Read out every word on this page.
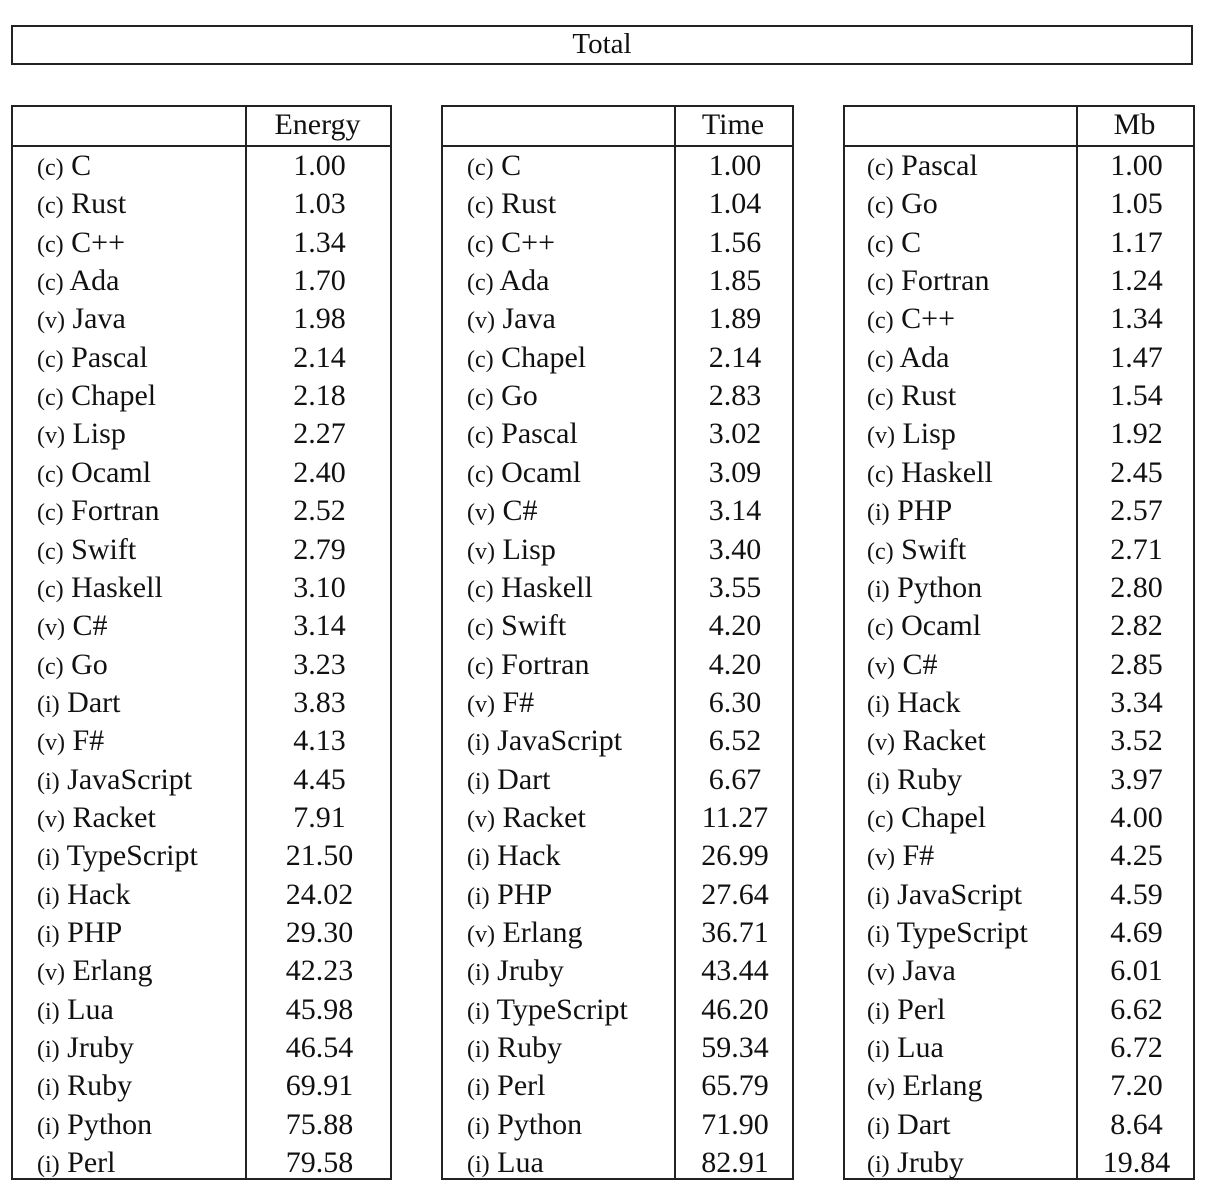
Total
Energy
(c) C	1.00
(c) Rust	1.03
(c) C++	1.34
(c) Ada	1.70
(v) Java	1.98
(c) Pascal	2.14
(c) Chapel	2.18
(v) Lisp	2.27
(c) Ocaml	2.40
(c) Fortran	2.52
(c) Swift	2.79
(c) Haskell	3.10
(v) C#	3.14
(c) Go	3.23
(i) Dart	3.83
(v) F#	4.13
(i) JavaScript	4.45
(v) Racket	7.91
(i) TypeScript	21.50
(i) Hack	24.02
(i) PHP	29.30
(v) Erlang	42.23
(i) Lua	45.98
(i) Jruby	46.54
(i) Ruby	69.91
(i) Python	75.88
(i) Perl	79.58
Time
(c) C	1.00
(c) Rust	1.04
(c) C++	1.56
(c) Ada	1.85
(v) Java	1.89
(c) Chapel	2.14
(c) Go	2.83
(c) Pascal	3.02
(c) Ocaml	3.09
(v) C#	3.14
(v) Lisp	3.40
(c) Haskell	3.55
(c) Swift	4.20
(c) Fortran	4.20
(v) F#	6.30
(i) JavaScript	6.52
(i) Dart	6.67
(v) Racket	11.27
(i) Hack	26.99
(i) PHP	27.64
(v) Erlang	36.71
(i) Jruby	43.44
(i) TypeScript	46.20
(i) Ruby	59.34
(i) Perl	65.79
(i) Python	71.90
(i) Lua	82.91
Mb
(c) Pascal	1.00
(c) Go	1.05
(c) C	1.17
(c) Fortran	1.24
(c) C++	1.34
(c) Ada	1.47
(c) Rust	1.54
(v) Lisp	1.92
(c) Haskell	2.45
(i) PHP	2.57
(c) Swift	2.71
(i) Python	2.80
(c) Ocaml	2.82
(v) C#	2.85
(i) Hack	3.34
(v) Racket	3.52
(i) Ruby	3.97
(c) Chapel	4.00
(v) F#	4.25
(i) JavaScript	4.59
(i) TypeScript	4.69
(v) Java	6.01
(i) Perl	6.62
(i) Lua	6.72
(v) Erlang	7.20
(i) Dart	8.64
(i) Jruby	19.84
